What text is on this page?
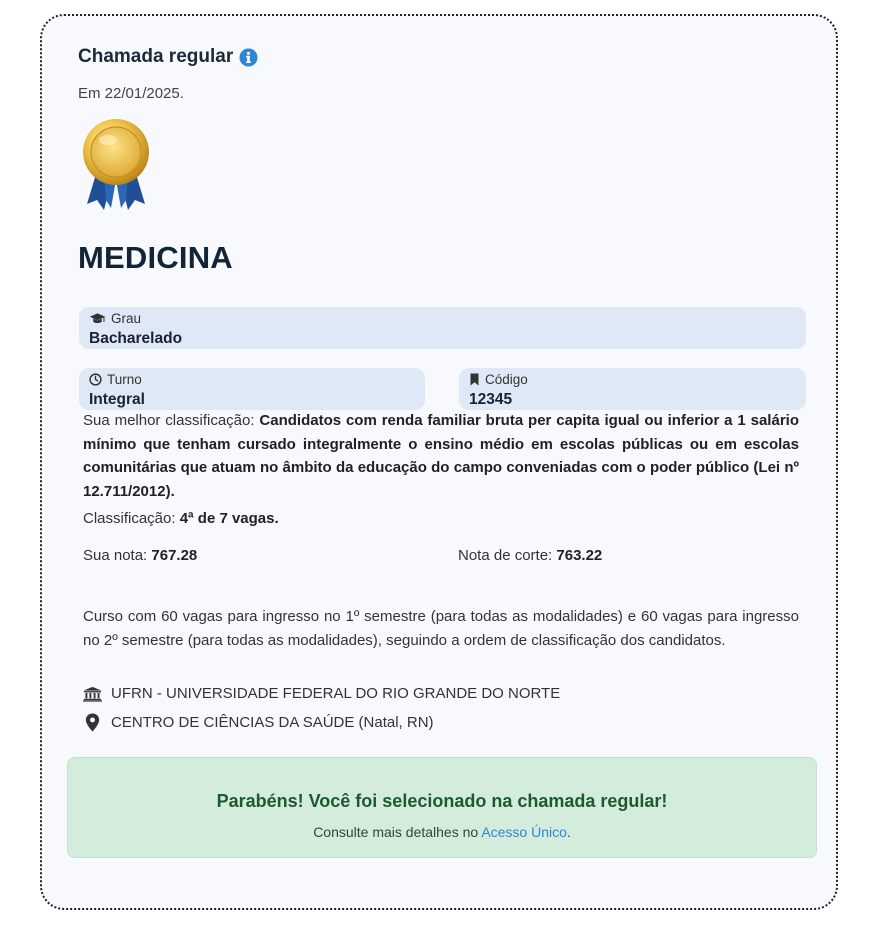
Chamada regular
Em 22/01/2025.
MEDICINA
Grau
Bacharelado
Turno
Integral
Código
12345
Sua melhor classificação: Candidatos com renda familiar bruta per capita igual ou inferior a 1 salário mínimo que tenham cursado integralmente o ensino médio em escolas públicas ou em escolas comunitárias que atuam no âmbito da educação do campo conveniadas com o poder público (Lei nº 12.711/2012).
Classificação: 4ª de 7 vagas.
Sua nota: 767.28	Nota de corte: 763.22
Curso com 60 vagas para ingresso no 1º semestre (para todas as modalidades) e 60 vagas para ingresso no 2º semestre (para todas as modalidades), seguindo a ordem de classificação dos candidatos.
UFRN - UNIVERSIDADE FEDERAL DO RIO GRANDE DO NORTE
CENTRO DE CIÊNCIAS DA SAÚDE (Natal, RN)
Parabéns! Você foi selecionado na chamada regular!
Consulte mais detalhes no Acesso Único.
